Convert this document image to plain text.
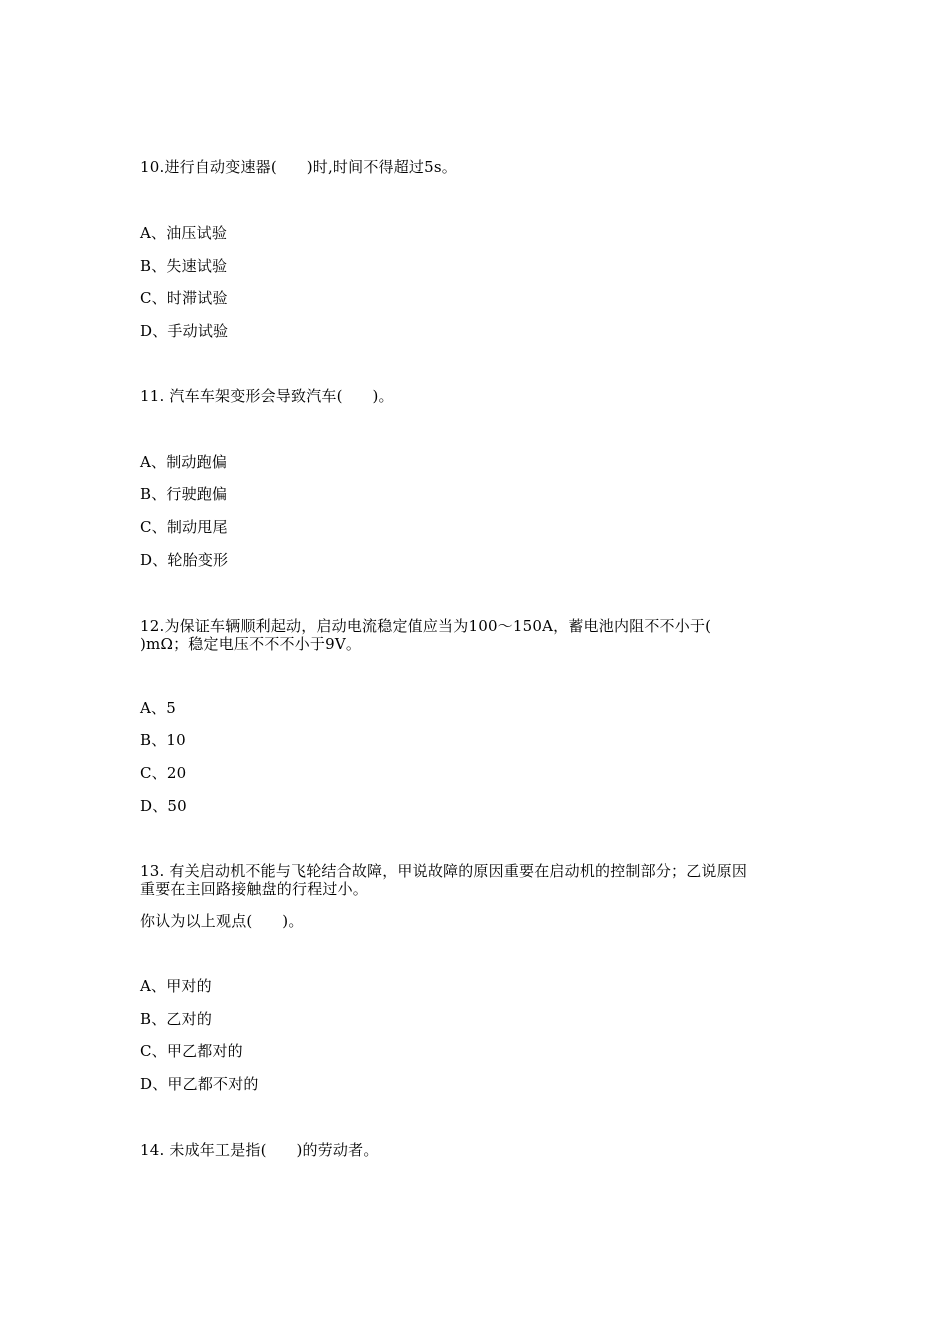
10.进行自动变速器(      )时,时间不得超过5s。
A、油压试验
B、失速试验
C、时滞试验
D、手动试验
11. 汽车车架变形会导致汽车(      )。
A、制动跑偏
B、行驶跑偏
C、制动甩尾
D、轮胎变形
12.为保证车辆顺利起动，启动电流稳定值应当为100～150A，蓄电池内阻不不小于(
)mΩ；稳定电压不不不小于9V。
A、5
B、10
C、20
D、50
13. 有关启动机不能与飞轮结合故障，甲说故障的原因重要在启动机的控制部分；乙说原因
重要在主回路接触盘的行程过小。
你认为以上观点(      )。
A、甲对的
B、乙对的
C、甲乙都对的
D、甲乙都不对的
14. 未成年工是指(      )的劳动者。
